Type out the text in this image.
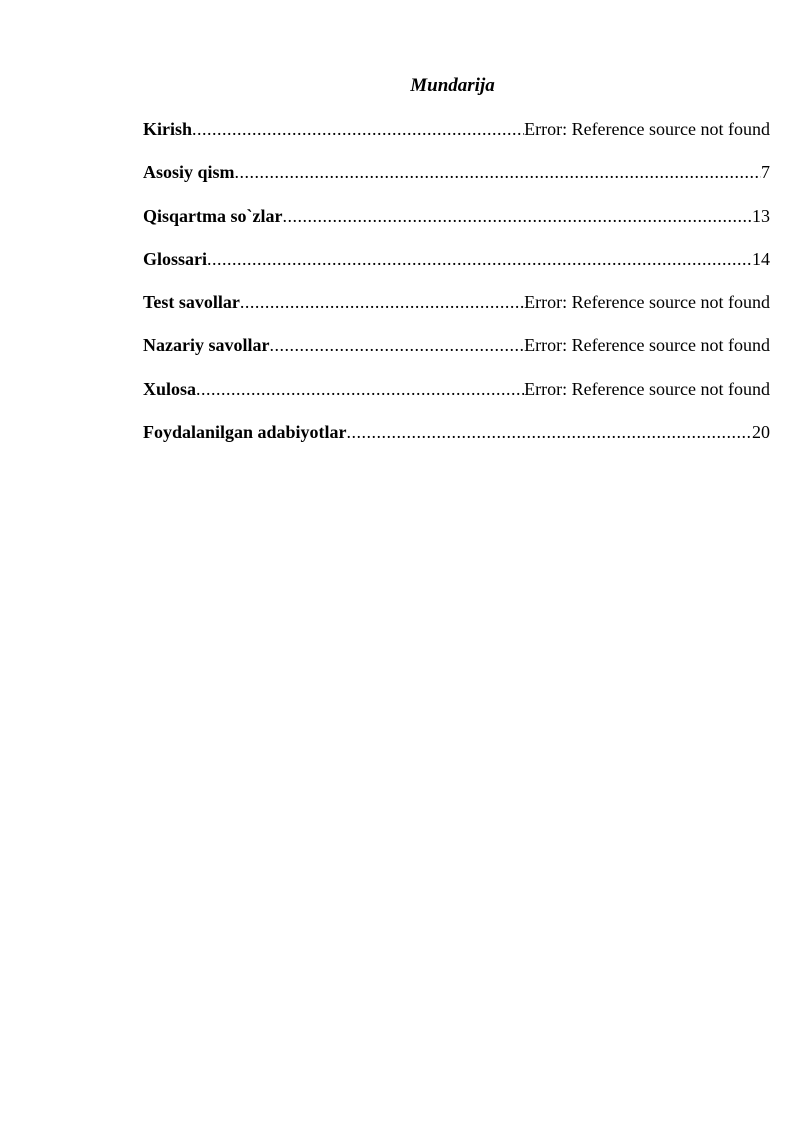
Mundarija
Kirish .....	Error: Reference source not found
Asosiy qism .....	7
Qisqartma so`zlar .....	13
Glossari .....	14
Test savollar .....	Error: Reference source not found
Nazariy savollar .....	Error: Reference source not found
Xulosa .....	Error: Reference source not found
Foydalanilgan adabiyotlar .....	20
